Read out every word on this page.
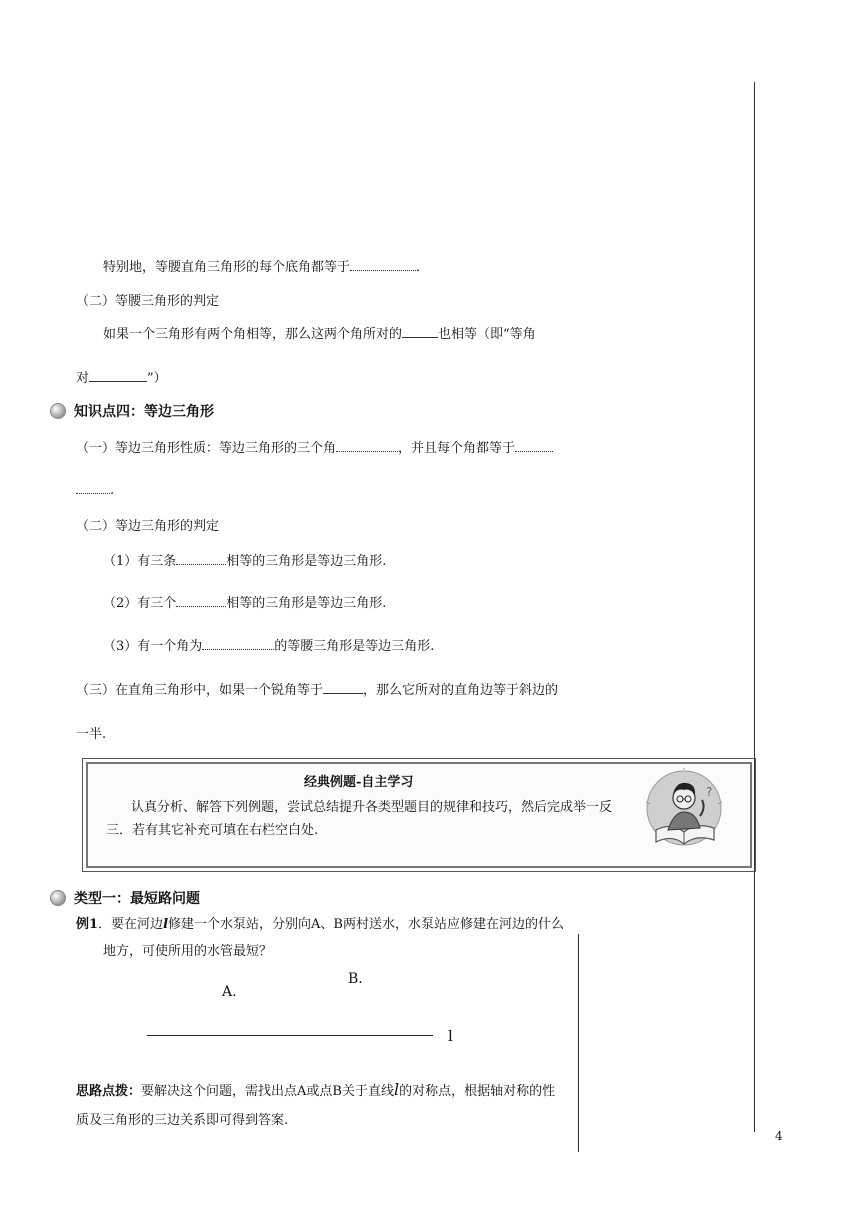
特别地，等腰直角三角形的每个底角都等于	．
（二）等腰三角形的判定
如果一个三角形有两个角相等，那么这两个角所对的	也相等（即“等角
对	”）
知识点四：等边三角形
（一）等边三角形性质：等边三角形的三个角	，并且每个角都等于
.
（二）等边三角形的判定
（1）有三条	相等的三角形是等边三角形.
（2）有三个	相等的三角形是等边三角形.
（3）有一个角为	的等腰三角形是等边三角形.
（三）在直角三角形中，如果一个锐角等于	，那么它所对的直角边等于斜边的
一半.
经典例题-自主学习
认真分析、解答下列例题，尝试总结提升各类型题目的规律和技巧，然后完成举一反
三．若有其它补充可填在右栏空白处.
?
类型一：最短路问题
例1．要在河边l修建一个水泵站，分别向A、B两村送水，水泵站应修建在河边的什么
地方，可使所用的水管最短？
A.
B.
l
思路点拨：要解决这个问题，需找出点A或点B关于直线l的对称点，根据轴对称的性
质及三角形的三边关系即可得到答案.
4
